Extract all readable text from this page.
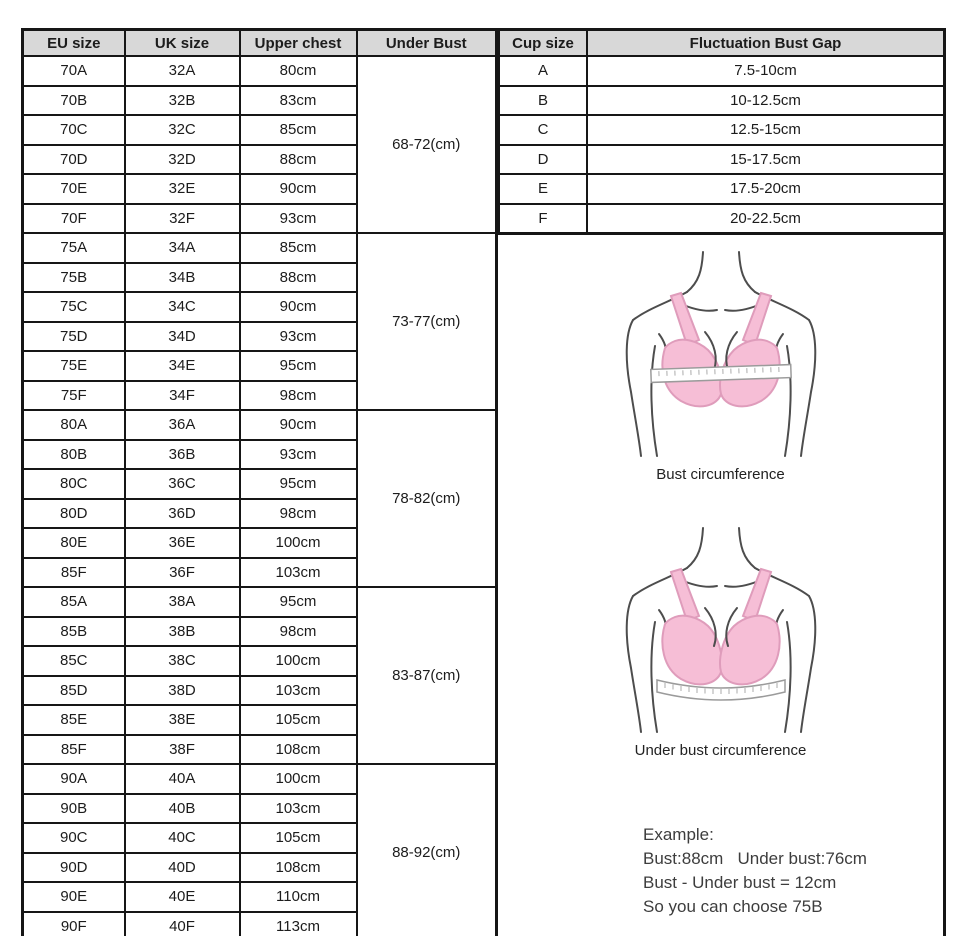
EU size	UK size	Upper chest	Under Bust
70A	32A	80cm	68-72(cm)
70B	32B	83cm	
70C	32C	85cm	
70D	32D	88cm	
70E	32E	90cm	
70F	32F	93cm	
75A	34A	85cm	73-77(cm)
75B	34B	88cm	
75C	34C	90cm	
75D	34D	93cm	
75E	34E	95cm	
75F	34F	98cm	
80A	36A	90cm	78-82(cm)
80B	36B	93cm	
80C	36C	95cm	
80D	36D	98cm	
80E	36E	100cm	
85F	36F	103cm	
85A	38A	95cm	83-87(cm)
85B	38B	98cm	
85C	38C	100cm	
85D	38D	103cm	
85E	38E	105cm	
85F	38F	108cm	
90A	40A	100cm	88-92(cm)
90B	40B	103cm	
90C	40C	105cm	
90D	40D	108cm	
90E	40E	110cm	
90F	40F	113cm	
Cup size	Fluctuation Bust Gap
A	7.5-10cm
B	10-12.5cm
C	12.5-15cm
D	15-17.5cm
E	17.5-20cm
F	20-22.5cm
Bust circumference
Under bust circumference
Example:
Bust:88cm   Under bust:76cm
Bust - Under bust = 12cm
So you can choose 75B
